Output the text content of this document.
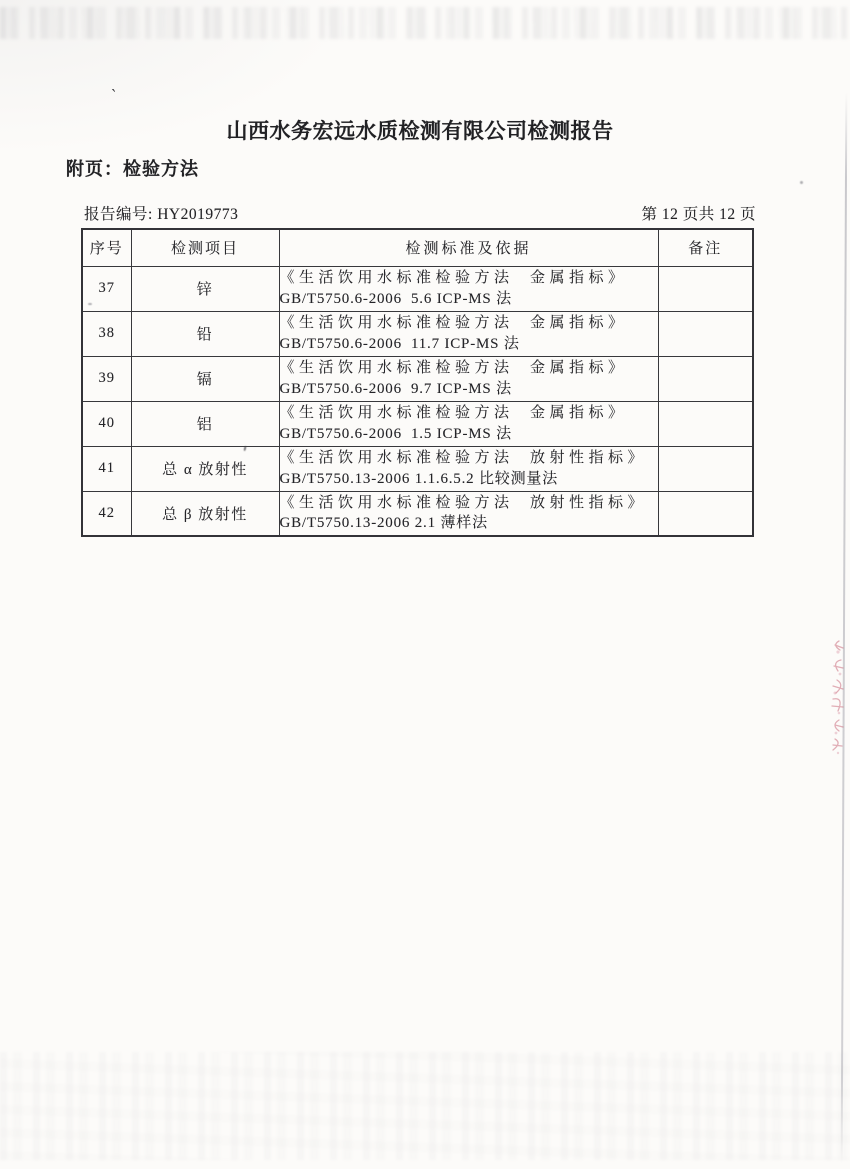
`
山西水务宏远水质检测有限公司检测报告
附页：检验方法
报告编号: HY2019773	第 12 页共 12 页
序号	检测项目	检测标准及依据	备注
37	锌	《生活饮用水标准检验方法  金属指标》
GB/T5750.6-2006  5.6 ICP-MS 法	

38	铅	《生活饮用水标准检验方法  金属指标》
GB/T5750.6-2006  11.7 ICP-MS 法	

39	镉	《生活饮用水标准检验方法  金属指标》
GB/T5750.6-2006  9.7 ICP-MS 法	

40	铝	《生活饮用水标准检验方法  金属指标》
GB/T5750.6-2006  1.5 ICP-MS 法	

41	总 α 放射性	《生活饮用水标准检验方法  放射性指标》
GB/T5750.13-2006 1.1.6.5.2 比较测量法	

42	总 β 放射性	《生活饮用水标准检验方法  放射性指标》
GB/T5750.13-2006 2.1 薄样法	
